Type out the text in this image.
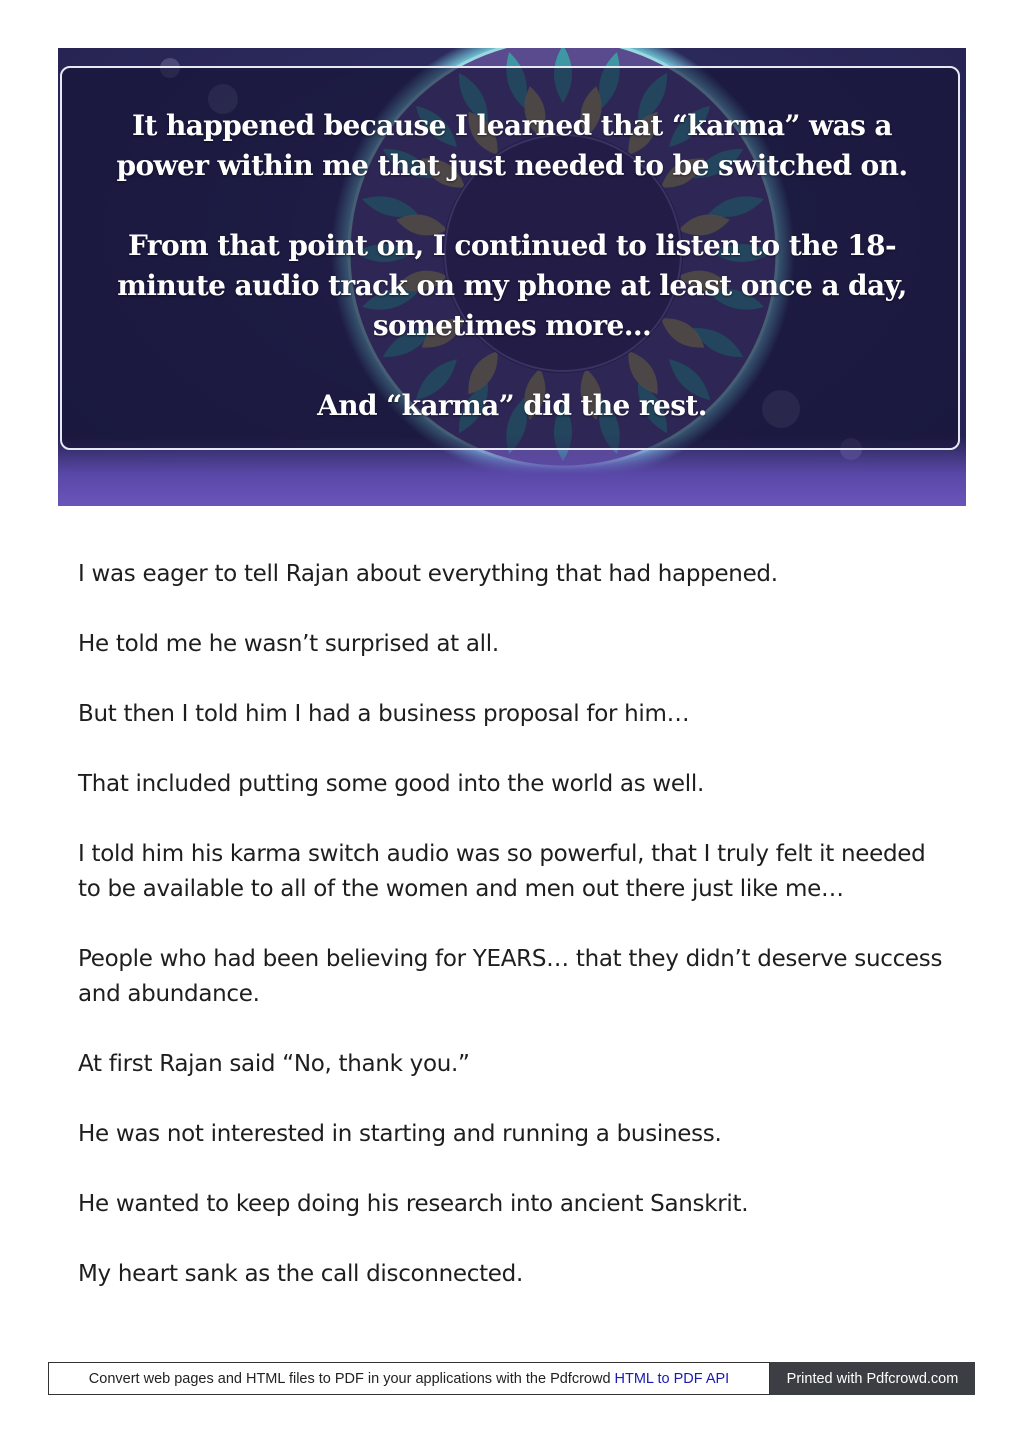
It happened because I learned that “karma” was a power within me that just needed to be switched on.

From that point on, I continued to listen to the 18-minute audio track on my phone at least once a day, sometimes more…

And “karma” did the rest.

I was eager to tell Rajan about everything that had happened.

He told me he wasn’t surprised at all.

But then I told him I had a business proposal for him…

That included putting some good into the world as well.

I told him his karma switch audio was so powerful, that I truly felt it needed to be available to all of the women and men out there just like me…

People who had been believing for YEARS… that they didn’t deserve success and abundance.

At first Rajan said “No, thank you.”

He was not interested in starting and running a business.

He wanted to keep doing his research into ancient Sanskrit.

My heart sank as the call disconnected.

Convert web pages and HTML files to PDF in your applications with the Pdfcrowd HTML to PDF API	Printed with Pdfcrowd.com
